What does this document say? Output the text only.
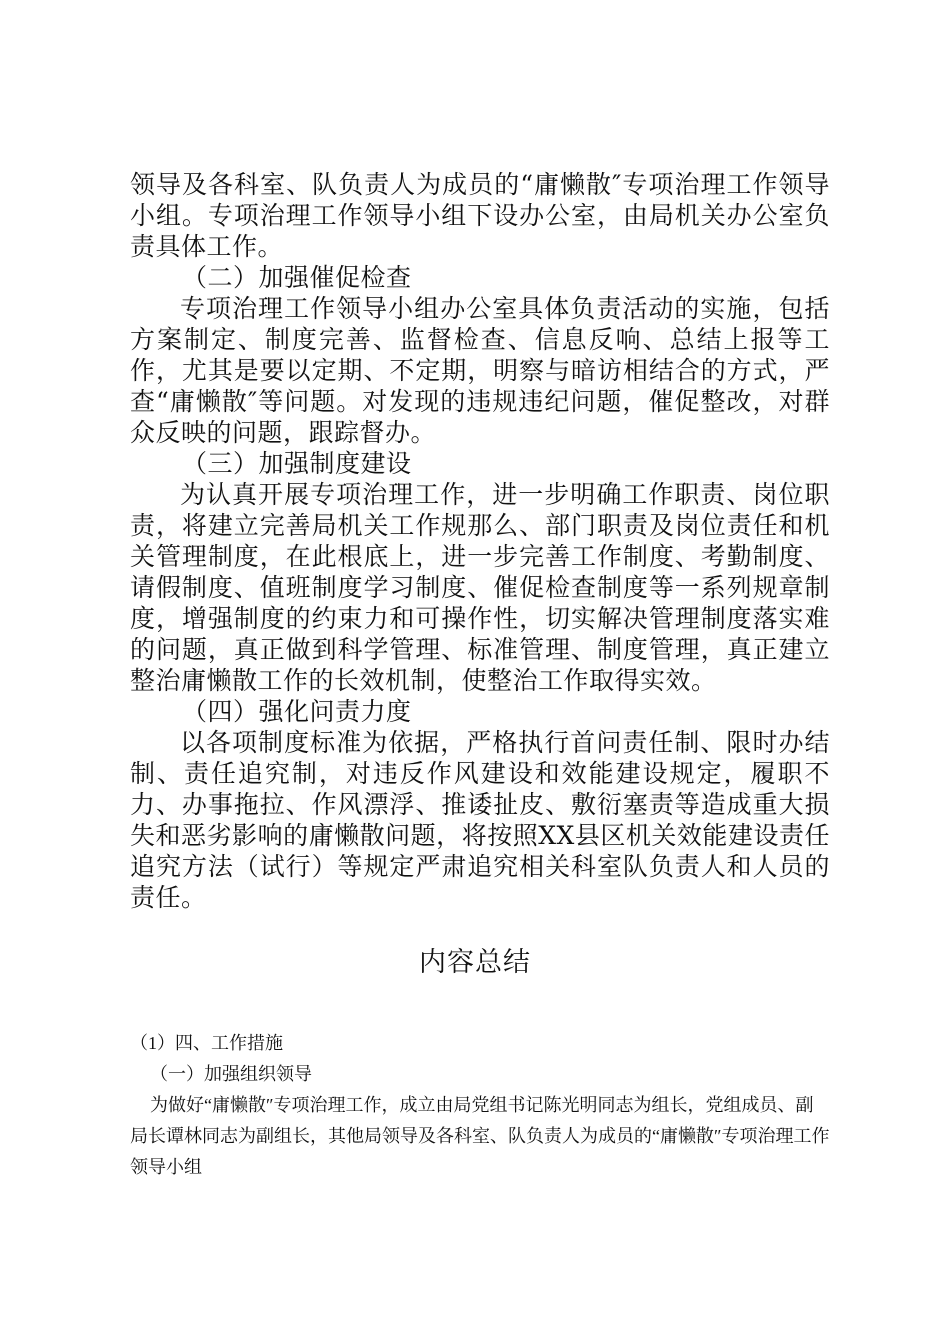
领导及各科室、队负责人为成员的“庸懒散″专项治理工作领导小组。专项治理工作领导小组下设办公室，由局机关办公室负责具体工作。

（二）加强催促检查

专项治理工作领导小组办公室具体负责活动的实施，包括方案制定、制度完善、监督检查、信息反响、总结上报等工作，尤其是要以定期、不定期，明察与暗访相结合的方式，严查“庸懒散″等问题。对发现的违规违纪问题，催促整改，对群众反映的问题，跟踪督办。

（三）加强制度建设

为认真开展专项治理工作，进一步明确工作职责、岗位职责，将建立完善局机关工作规那么、部门职责及岗位责任和机关管理制度，在此根底上，进一步完善工作制度、考勤制度、请假制度、值班制度学习制度、催促检查制度等一系列规章制度，增强制度的约束力和可操作性，切实解决管理制度落实难的问题，真正做到科学管理、标准管理、制度管理，真正建立整治庸懒散工作的长效机制，使整治工作取得实效。

（四）强化问责力度

以各项制度标准为依据，严格执行首问责任制、限时办结制、责任追究制，对违反作风建设和效能建设规定，履职不力、办事拖拉、作风漂浮、推诿扯皮、敷衍塞责等造成重大损失和恶劣影响的庸懒散问题，将按照XX县区机关效能建设责任追究方法（试行）等规定严肃追究相关科室队负责人和人员的责任。

内容总结

（1）四、工作措施

（一）加强组织领导

为做好“庸懒散″专项治理工作，成立由局党组书记陈光明同志为组长，党组成员、副局长谭林同志为副组长，其他局领导及各科室、队负责人为成员的“庸懒散″专项治理工作领导小组
